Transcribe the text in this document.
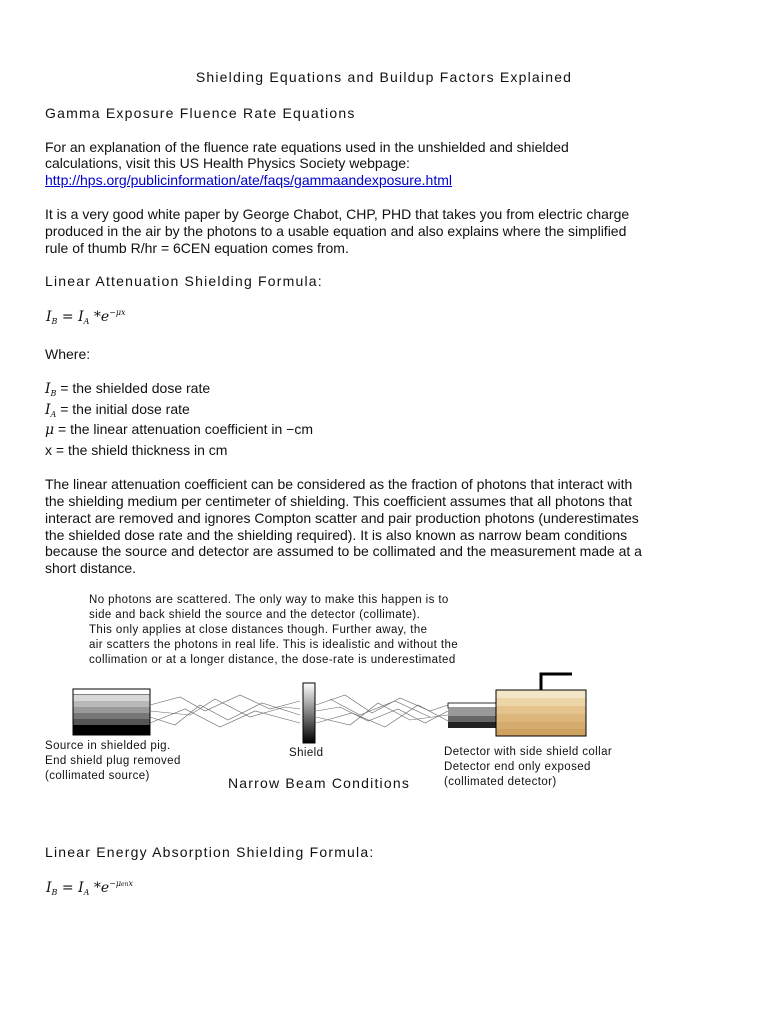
Shielding Equations and Buildup Factors Explained
Gamma Exposure Fluence Rate Equations
For an explanation of the fluence rate equations used in the unshielded and shielded
calculations, visit this US Health Physics Society webpage:
http://hps.org/publicinformation/ate/faqs/gammaandexposure.html
It is a very good white paper by George Chabot, CHP, PHD that takes you from electric charge
produced in the air by the photons to a usable equation and also explains where the simplified
rule of thumb R/hr = 6CEN equation comes from.
Linear Attenuation Shielding Formula:
$I_B = I_A$ $*e^{-\mu x}$
Where:
$I_B$ = the shielded dose rate
$I_A$ = the initial dose rate
μ = the linear attenuation coefficient in −cm
x = the shield thickness in cm
The linear attenuation coefficient can be considered as the fraction of photons that interact with
the shielding medium per centimeter of shielding. This coefficient assumes that all photons that
interact are removed and ignores Compton scatter and pair production photons (underestimates
the shielded dose rate and the shielding required). It is also known as narrow beam conditions
because the source and detector are assumed to be collimated and the measurement made at a
short distance.
No photons are scattered. The only way to make this happen is to
side and back shield the source and the detector (collimate).
This only applies at close distances though. Further away, the
air scatters the photons in real life. This is idealistic and without the
collimation or at a longer distance, the dose-rate is underestimated
Source in shielded pig.
End shield plug removed
(collimated source)
Shield
Narrow Beam Conditions
Detector with side shield collar
Detector end only exposed
(collimated detector)
Linear Energy Absorption Shielding Formula:
$I_B = I_A$ $*e^{-\mu enx}$
